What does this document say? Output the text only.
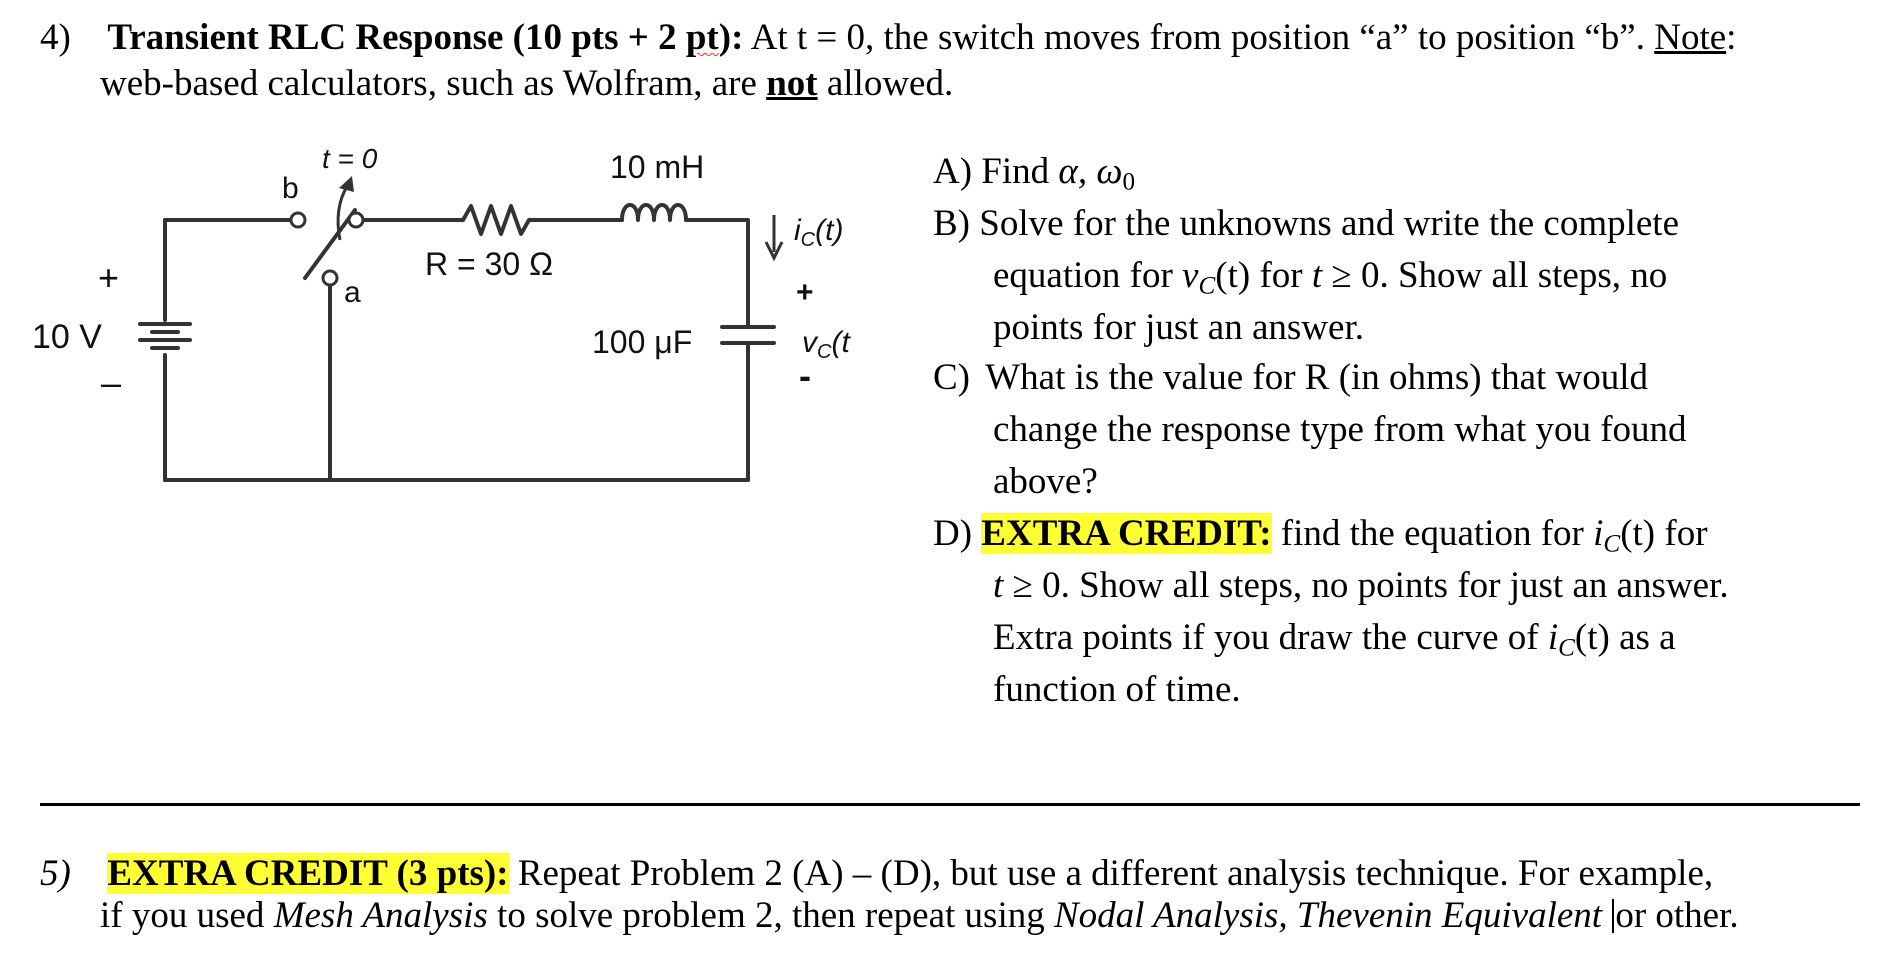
4) Transient RLC Response (10 pts + 2 pt): At t = 0, the switch moves from position “a” to position “b”. Note:
web-based calculators, such as Wolfram, are not allowed.
t = 0
b
a
10 mH
R = 30 Ω
100 μF
10 V
+
–
+
-
$i_C(t)$
$v_C(t$
A) Find α, $\omega_0$
B) Solve for the unknowns and write the complete
equation for $v_C(t)$ for t ≥ 0. Show all steps, no
points for just an answer.
C) What is the value for R (in ohms) that would
change the response type from what you found
above?
D) EXTRA CREDIT: find the equation for $i_C(t)$ for
t ≥ 0. Show all steps, no points for just an answer.
Extra points if you draw the curve of $i_C(t)$ as a
function of time.
5) EXTRA CREDIT (3 pts): Repeat Problem 2 (A) – (D), but use a different analysis technique. For example,
if you used Mesh Analysis to solve problem 2, then repeat using Nodal Analysis, Thevenin Equivalent or other.
